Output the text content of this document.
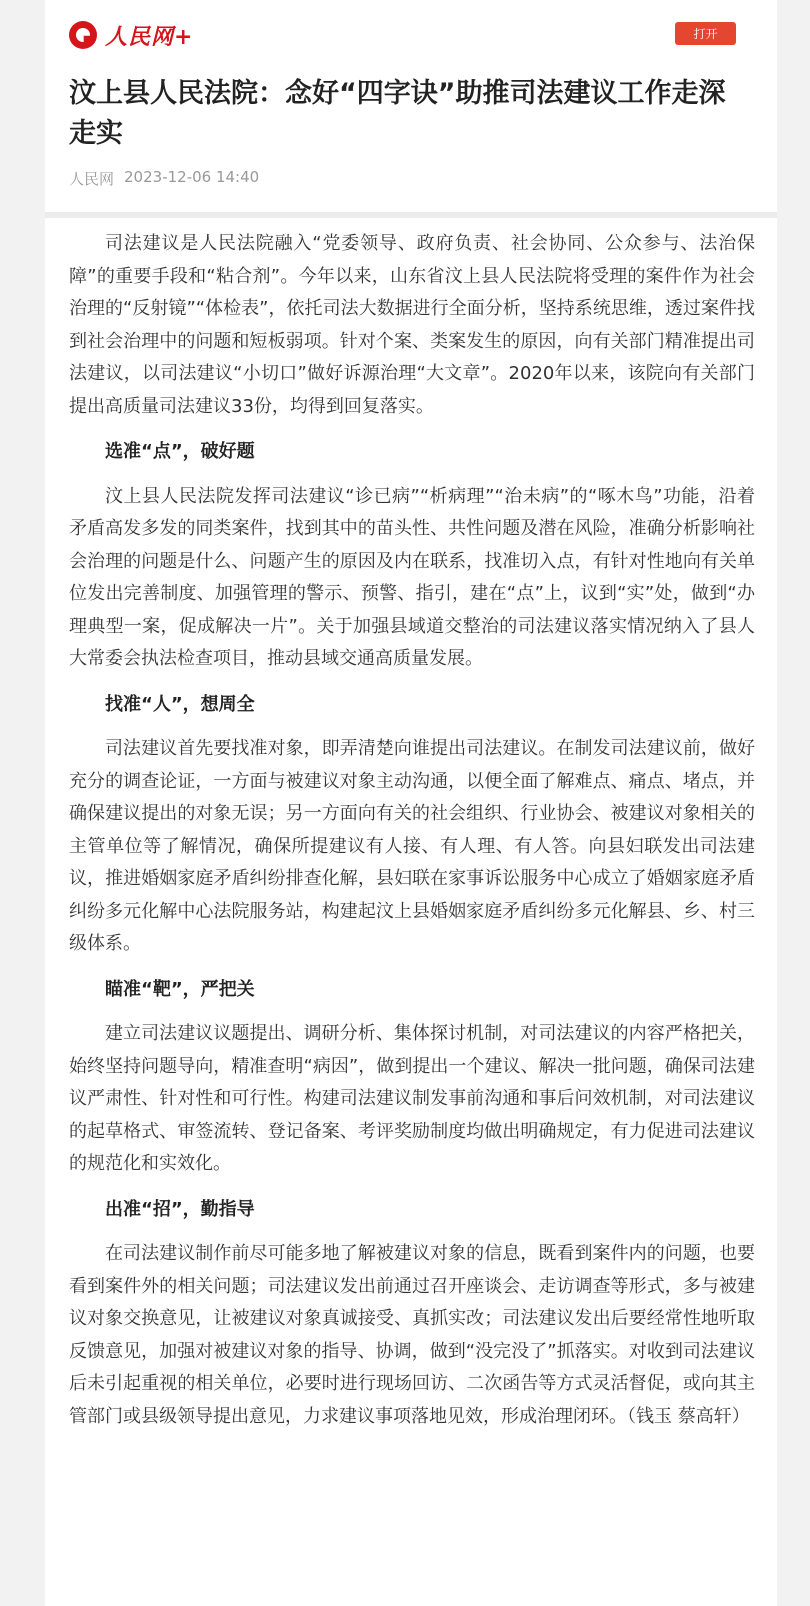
人民网+	打开
汶上县人民法院：念好“四字诀”助推司法建议工作走深走实
人民网 2023-12-06 14:40

司法建议是人民法院融入“党委领导、政府负责、社会协同、公众参与、法治保障”的重要手段和“粘合剂”。今年以来，山东省汶上县人民法院将受理的案件作为社会治理的“反射镜”“体检表”，依托司法大数据进行全面分析，坚持系统思维，透过案件找到社会治理中的问题和短板弱项。针对个案、类案发生的原因，向有关部门精准提出司法建议，以司法建议“小切口”做好诉源治理“大文章”。2020年以来，该院向有关部门提出高质量司法建议33份，均得到回复落实。

选准“点”，破好题

汶上县人民法院发挥司法建议“诊已病”“析病理”“治未病”的“啄木鸟”功能，沿着矛盾高发多发的同类案件，找到其中的苗头性、共性问题及潜在风险，准确分析影响社会治理的问题是什么、问题产生的原因及内在联系，找准切入点，有针对性地向有关单位发出完善制度、加强管理的警示、预警、指引，建在“点”上，议到“实”处，做到“办理典型一案，促成解决一片”。关于加强县域道交整治的司法建议落实情况纳入了县人大常委会执法检查项目，推动县域交通高质量发展。

找准“人”，想周全

司法建议首先要找准对象，即弄清楚向谁提出司法建议。在制发司法建议前，做好充分的调查论证，一方面与被建议对象主动沟通，以便全面了解难点、痛点、堵点，并确保建议提出的对象无误；另一方面向有关的社会组织、行业协会、被建议对象相关的主管单位等了解情况，确保所提建议有人接、有人理、有人答。向县妇联发出司法建议，推进婚姻家庭矛盾纠纷排查化解，县妇联在家事诉讼服务中心成立了婚姻家庭矛盾纠纷多元化解中心法院服务站，构建起汶上县婚姻家庭矛盾纠纷多元化解县、乡、村三级体系。

瞄准“靶”，严把关

建立司法建议议题提出、调研分析、集体探讨机制，对司法建议的内容严格把关，始终坚持问题导向，精准查明“病因”，做到提出一个建议、解决一批问题，确保司法建议严肃性、针对性和可行性。构建司法建议制发事前沟通和事后问效机制，对司法建议的起草格式、审签流转、登记备案、考评奖励制度均做出明确规定，有力促进司法建议的规范化和实效化。

出准“招”，勤指导

在司法建议制作前尽可能多地了解被建议对象的信息，既看到案件内的问题，也要看到案件外的相关问题；司法建议发出前通过召开座谈会、走访调查等形式，多与被建议对象交换意见，让被建议对象真诚接受、真抓实改；司法建议发出后要经常性地听取反馈意见，加强对被建议对象的指导、协调，做到“没完没了”抓落实。对收到司法建议后未引起重视的相关单位，必要时进行现场回访、二次函告等方式灵活督促，或向其主管部门或县级领导提出意见，力求建议事项落地见效，形成治理闭环。（钱玉 蔡高轩）
